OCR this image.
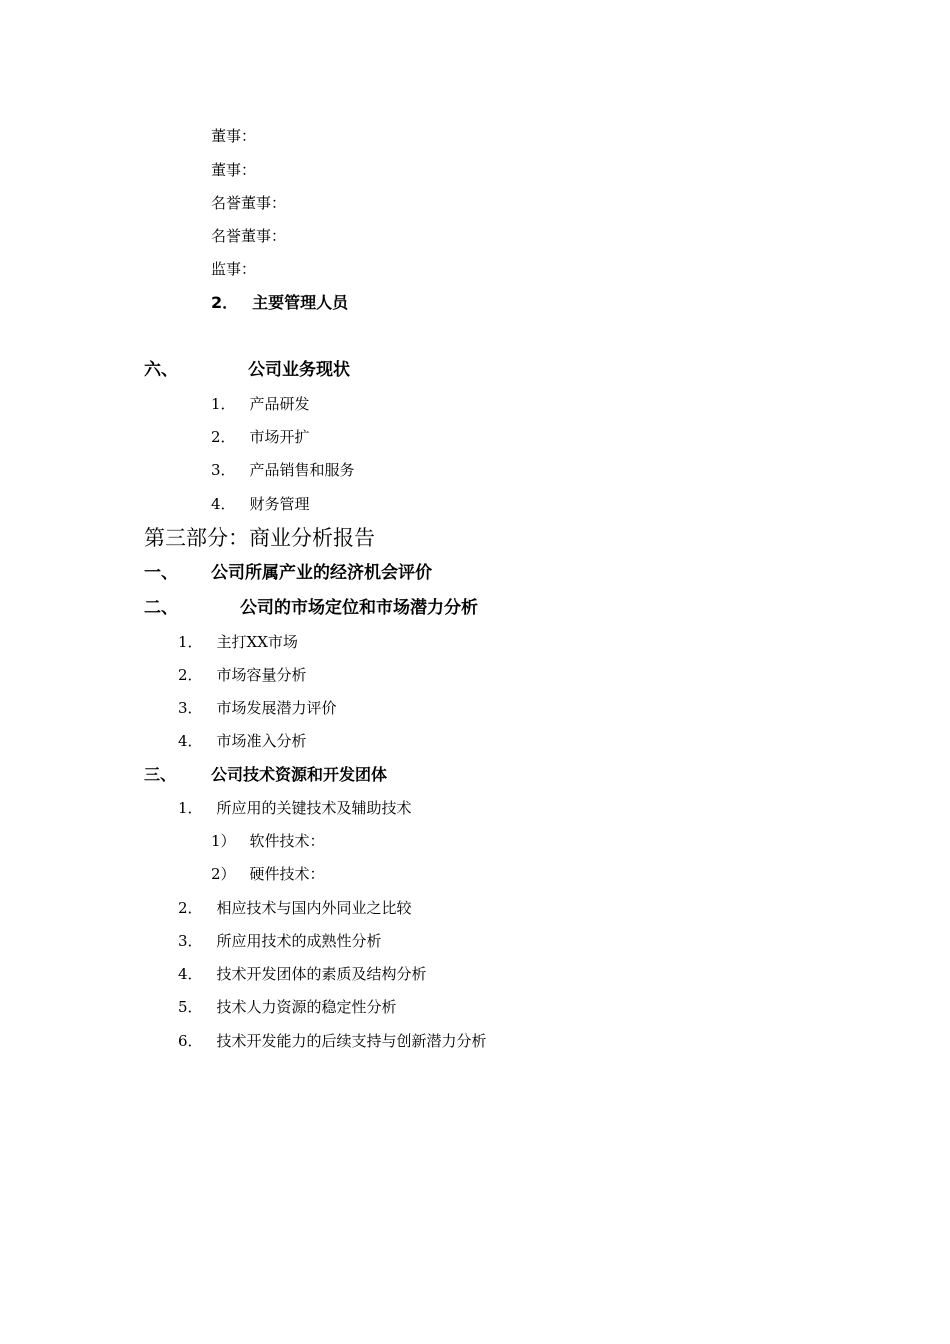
董事：
董事：
名誉董事：
名誉董事：
监事：
2． 主要管理人员
六、	公司业务现状
1． 产品研发
2． 市场开扩
3． 产品销售和服务
4． 财务管理
第三部分：商业分析报告
一、 公司所属产业的经济机会评价
二、	公司的市场定位和市场潜力分析
1． 主打XX市场
2． 市场容量分析
3． 市场发展潜力评价
4． 市场准入分析
三、 公司技术资源和开发团体
1． 所应用的关键技术及辅助技术
1） 软件技术：
2） 硬件技术：
2． 相应技术与国内外同业之比较
3． 所应用技术的成熟性分析
4． 技术开发团体的素质及结构分析
5． 技术人力资源的稳定性分析
6． 技术开发能力的后续支持与创新潜力分析
